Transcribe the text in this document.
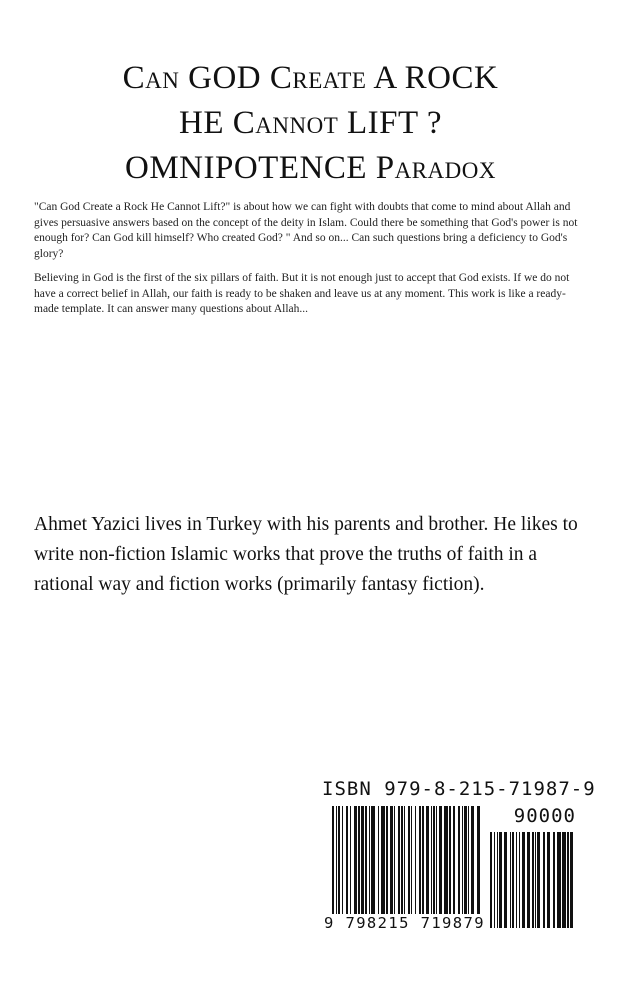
Can GOD Create A ROCK
HE Cannot LIFT ?
OMNIPOTENCE Paradox

"Can God Create a Rock He Cannot Lift?" is about how we can fight with doubts that come to mind about Allah and gives persuasive answers based on the concept of the deity in Islam. Could there be something that God's power is not enough for? Can God kill himself? Who created God? " And so on... Can such questions bring a deficiency to God's glory?

Believing in God is the first of the six pillars of faith. But it is not enough just to accept that God exists. If we do not have a correct belief in Allah, our faith is ready to be shaken and leave us at any moment. This work is like a ready-made template. It can answer many questions about Allah...

Ahmet Yazici lives in Turkey with his parents and brother. He likes to write non-fiction Islamic works that prove the truths of faith in a rational way and fiction works (primarily fantasy fiction).
ISBN 979-8-215-71987-9
90000
9 798215 719879
